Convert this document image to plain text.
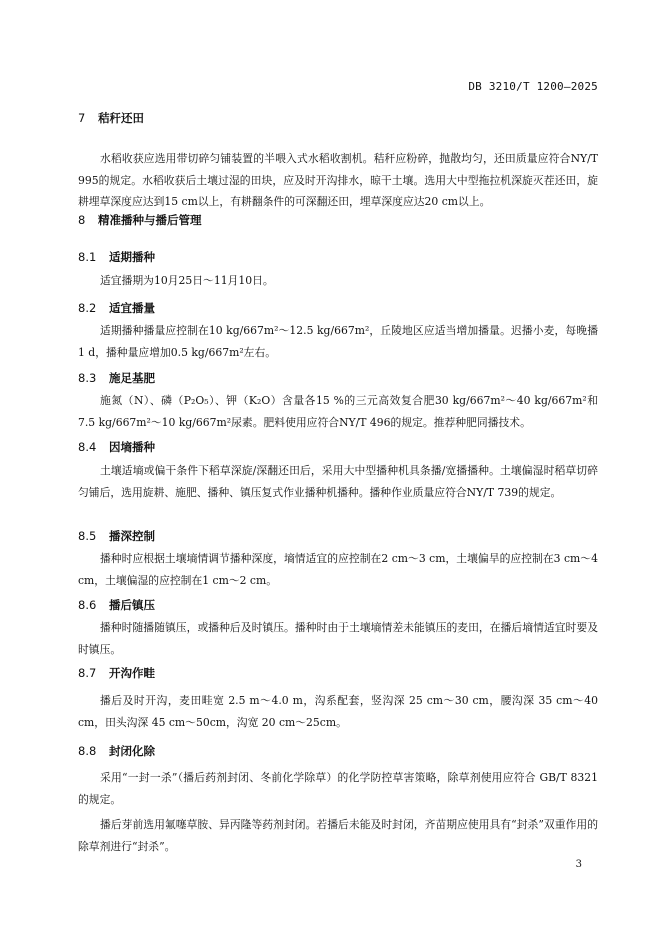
DB 3210/T 1200—2025
7 秸秆还田
水稻收获应选用带切碎匀铺装置的半喂入式水稻收割机。秸秆应粉碎，抛散均匀，还田质量应符合NY/T 995的规定。水稻收获后土壤过湿的田块，应及时开沟排水，晾干土壤。选用大中型拖拉机深旋灭茬还田，旋耕埋草深度应达到15 cm以上，有耕翻条件的可深翻还田，埋草深度应达20 cm以上。
8 精准播种与播后管理
8.1 适期播种
适宜播期为10月25日～11月10日。
8.2 适宜播量
适期播种播量应控制在10 kg/667m²～12.5 kg/667m²，丘陵地区应适当增加播量。迟播小麦，每晚播1 d，播种量应增加0.5 kg/667m²左右。
8.3 施足基肥
施氮（N）、磷（P₂O₅）、钾（K₂O）含量各15 %的三元高效复合肥30 kg/667m²～40 kg/667m²和7.5 kg/667m²～10 kg/667m²尿素。肥料使用应符合NY/T 496的规定。推荐种肥同播技术。
8.4 因墒播种
土壤适墒或偏干条件下稻草深旋/深翻还田后，采用大中型播种机具条播/宽播播种。土壤偏湿时稻草切碎匀铺后，选用旋耕、施肥、播种、镇压复式作业播种机播种。播种作业质量应符合NY/T 739的规定。
8.5 播深控制
播种时应根据土壤墒情调节播种深度，墒情适宜的应控制在2 cm～3 cm，土壤偏旱的应控制在3 cm～4 cm，土壤偏湿的应控制在1 cm～2 cm。
8.6 播后镇压
播种时随播随镇压，或播种后及时镇压。播种时由于土壤墒情差未能镇压的麦田，在播后墒情适宜时要及时镇压。
8.7 开沟作畦
播后及时开沟，麦田畦宽 2.5 m～4.0 m，沟系配套，竖沟深 25 cm～30 cm，腰沟深 35 cm～40 cm，田头沟深 45 cm～50cm，沟宽 20 cm～25cm。
8.8 封闭化除
采用“一封一杀”（播后药剂封闭、冬前化学除草）的化学防控草害策略，除草剂使用应符合 GB/T 8321 的规定。
播后芽前选用氟噻草胺、异丙隆等药剂封闭。若播后未能及时封闭，齐苗期应使用具有“封杀”双重作用的除草剂进行“封杀”。
3
